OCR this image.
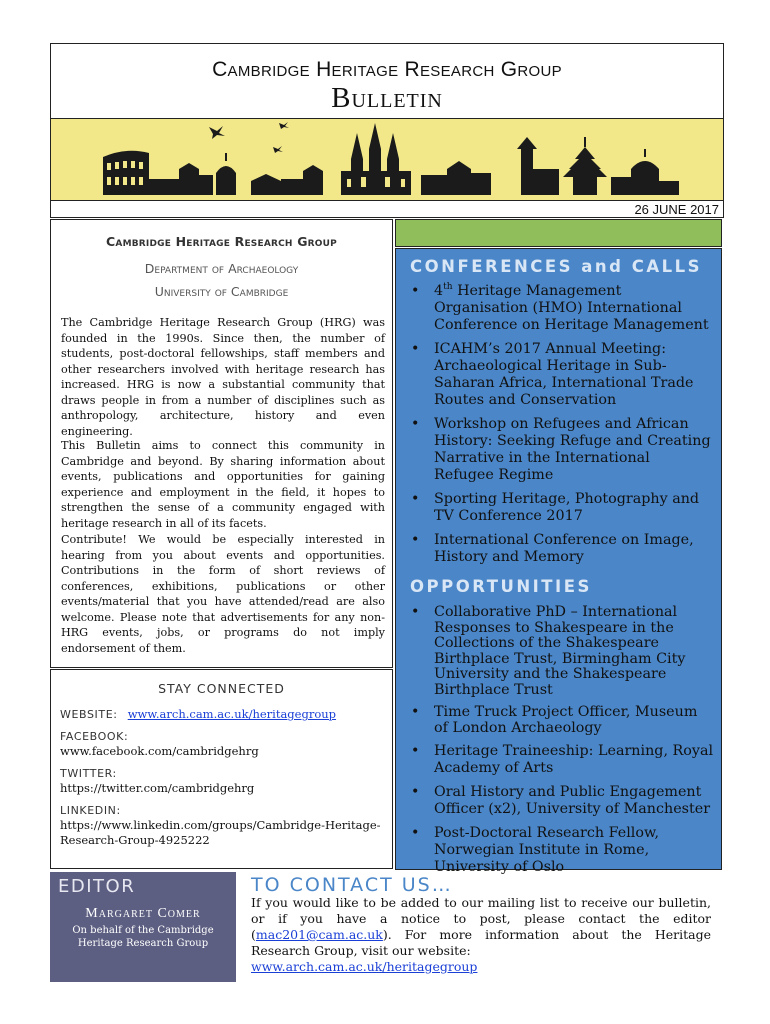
Cambridge Heritage Research Group
Bulletin
26 JUNE 2017
Cambridge Heritage Research Group
Department of Archaeology
University of Cambridge
The Cambridge Heritage Research Group (HRG) was founded in the 1990s. Since then, the number of students, post-doctoral fellowships, staff members and other researchers involved with heritage research has increased. HRG is now a substantial community that draws people in from a number of disciplines such as anthropology, architecture, history and even engineering.
This Bulletin aims to connect this community in Cambridge and beyond. By sharing information about events, publications and opportunities for gaining experience and employment in the field, it hopes to strengthen the sense of a community engaged with heritage research in all of its facets.
Contribute! We would be especially interested in hearing from you about events and opportunities. Contributions in the form of short reviews of conferences, exhibitions, publications or other events/material that you have attended/read are also welcome. Please note that advertisements for any non-HRG events, jobs, or programs do not imply endorsement of them.
STAY CONNECTED
WEBSITE: www.arch.cam.ac.uk/heritagegroup
FACEBOOK:
www.facebook.com/cambridgehrg
TWITTER:
https://twitter.com/cambridgehrg
LINKEDIN:
https://www.linkedin.com/groups/Cambridge-Heritage-
Research-Group-4925222
CONFERENCES and CALLS
• 4th Heritage Management Organisation (HMO) International Conference on Heritage Management
• ICAHM’s 2017 Annual Meeting: Archaeological Heritage in Sub-Saharan Africa, International Trade Routes and Conservation
• Workshop on Refugees and African History: Seeking Refuge and Creating Narrative in the International Refugee Regime
• Sporting Heritage, Photography and TV Conference 2017
• International Conference on Image, History and Memory
OPPORTUNITIES
• Collaborative PhD – International Responses to Shakespeare in the Collections of the Shakespeare Birthplace Trust, Birmingham City University and the Shakespeare Birthplace Trust
• Time Truck Project Officer, Museum of London Archaeology
• Heritage Traineeship: Learning, Royal Academy of Arts
• Oral History and Public Engagement Officer (x2), University of Manchester
• Post-Doctoral Research Fellow, Norwegian Institute in Rome, University of Oslo
EDITOR
Margaret Comer
On behalf of the Cambridge Heritage Research Group
TO CONTACT US…
If you would like to be added to our mailing list to receive our bulletin, or if you have a notice to post, please contact the editor (mac201@cam.ac.uk). For more information about the Heritage Research Group, visit our website:
www.arch.cam.ac.uk/heritagegroup
